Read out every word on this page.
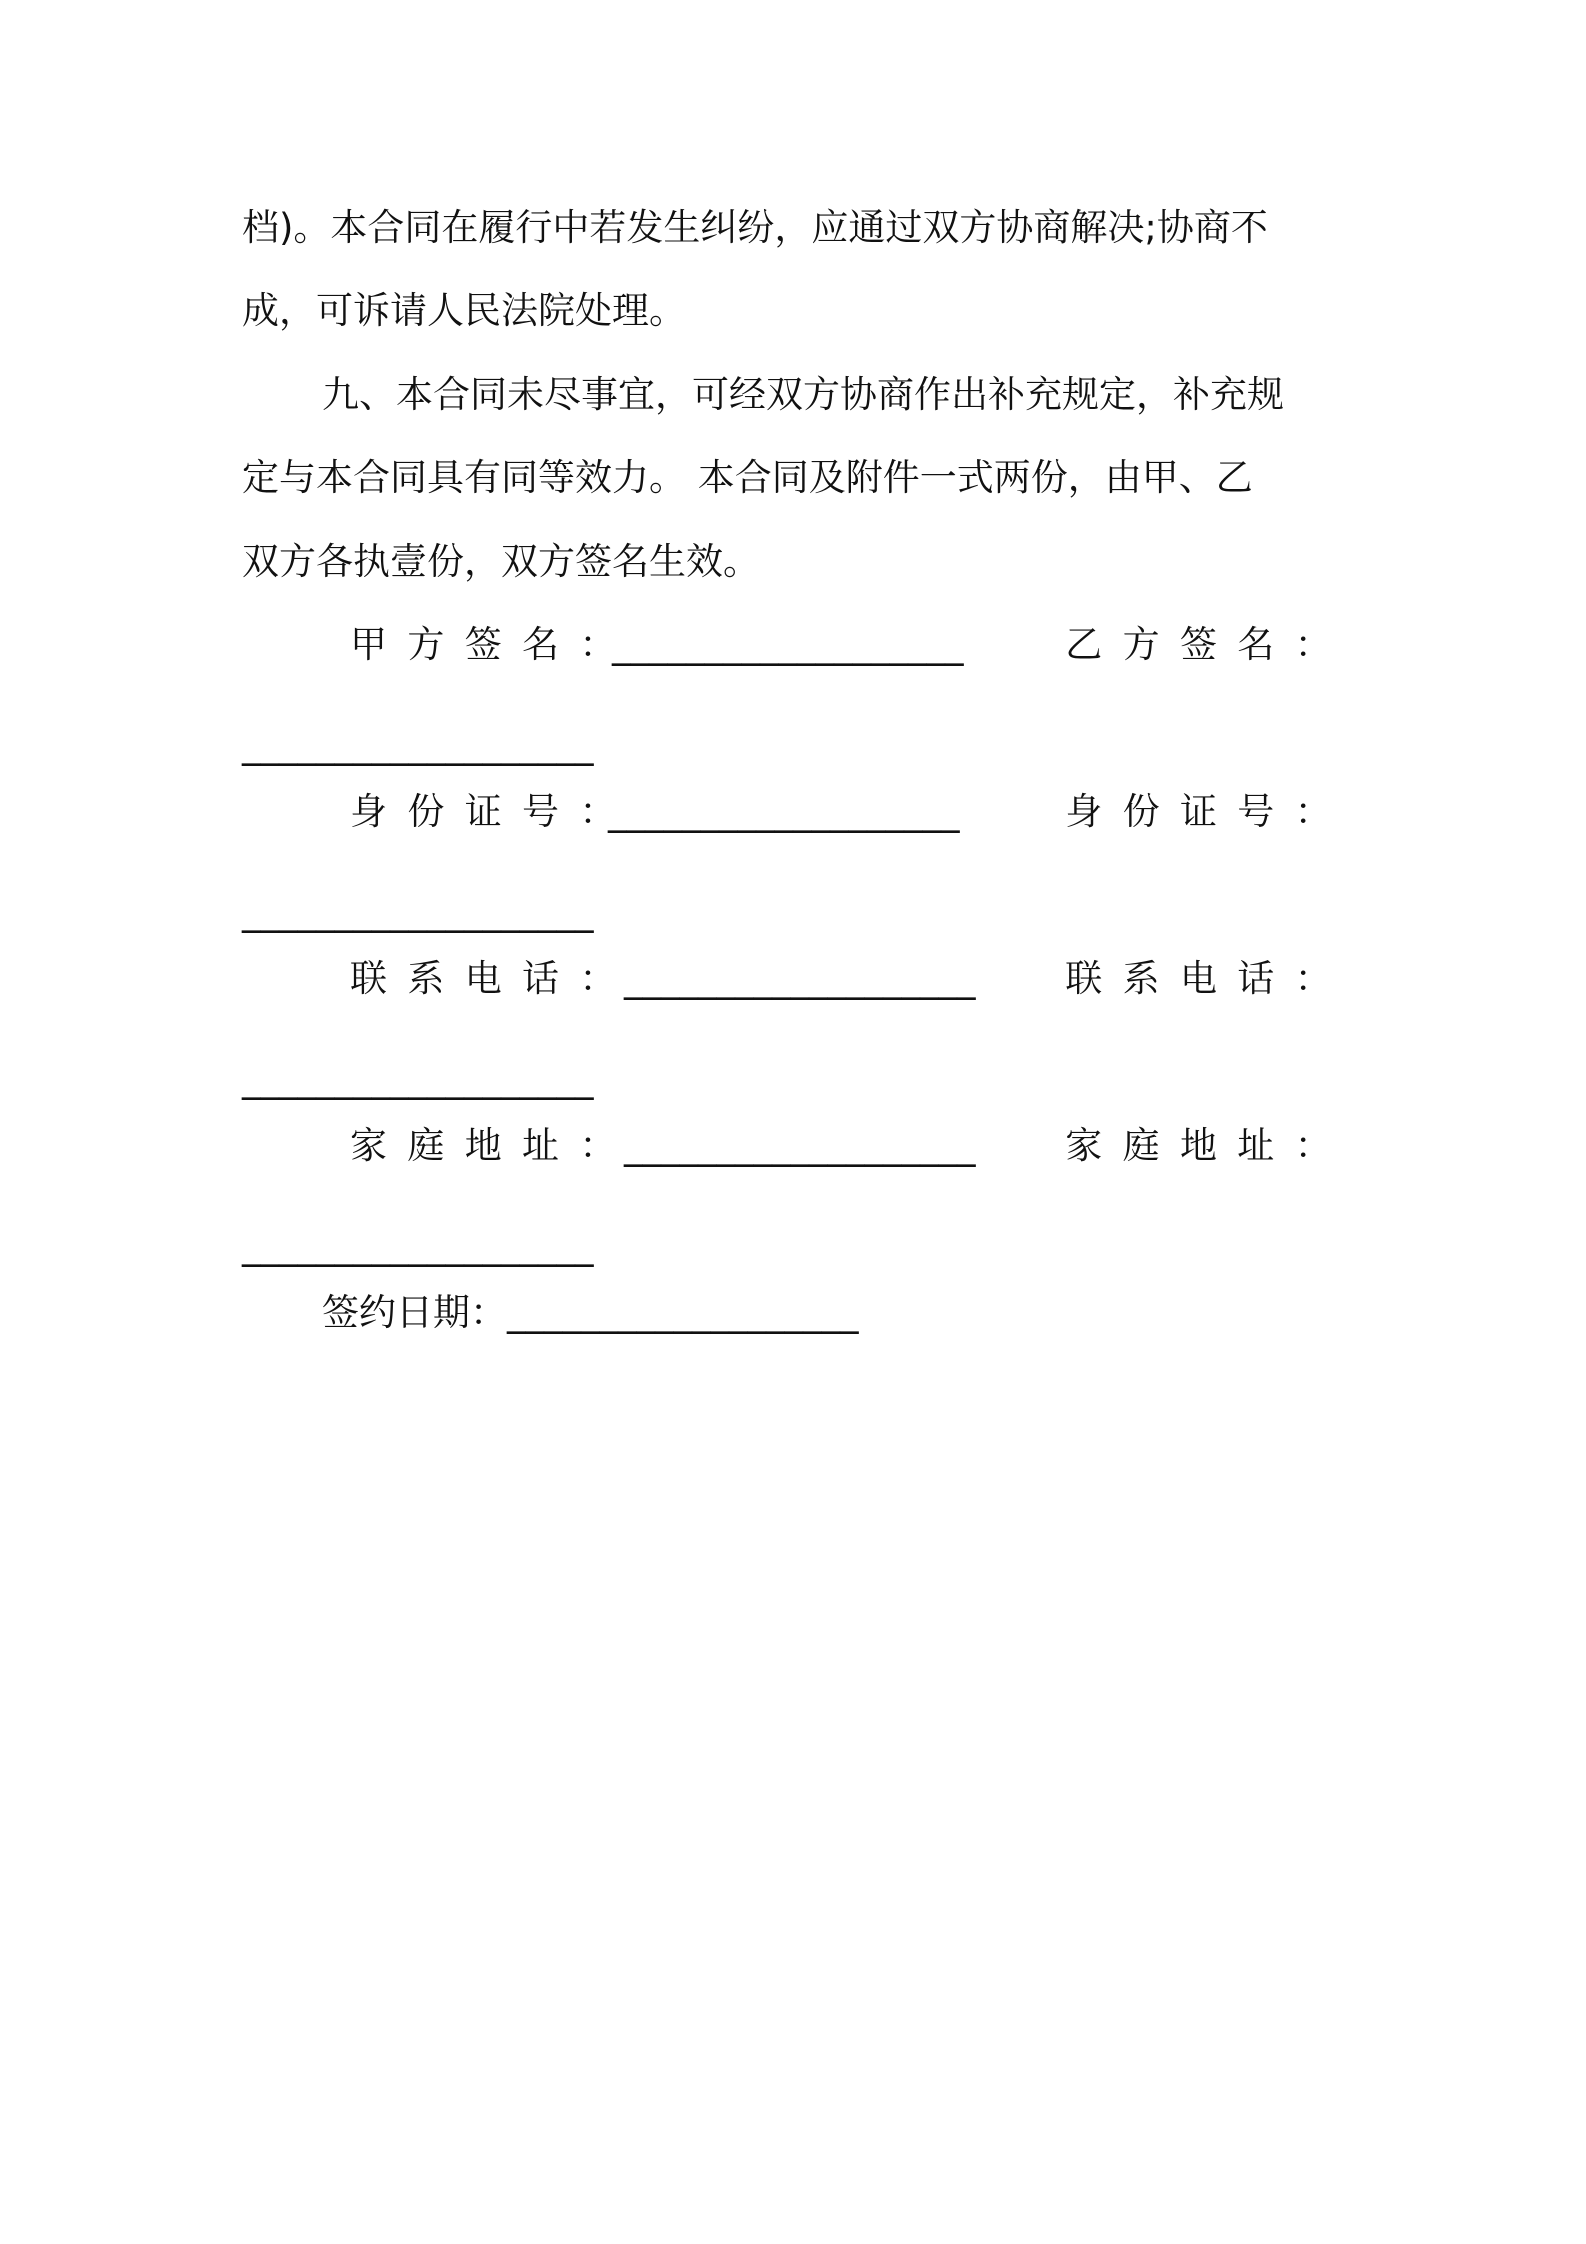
档)。本合同在履行中若发生纠纷，应通过双方协商解决;协商不
成，可诉请人民法院处理。
九、本合同未尽事宜，可经双方协商作出补充规定，补充规
定与本合同具有同等效力。 本合同及附件一式两份，由甲、乙
双方各执壹份，双方签名生效。
甲方签名：
___________________	乙方签名：
___________________
身份证号：
___________________	身份证号：
___________________
联系电话：
___________________ 联系电话：
___________________
家庭地址：
___________________ 家庭地址：
___________________
签约日期：___________________
